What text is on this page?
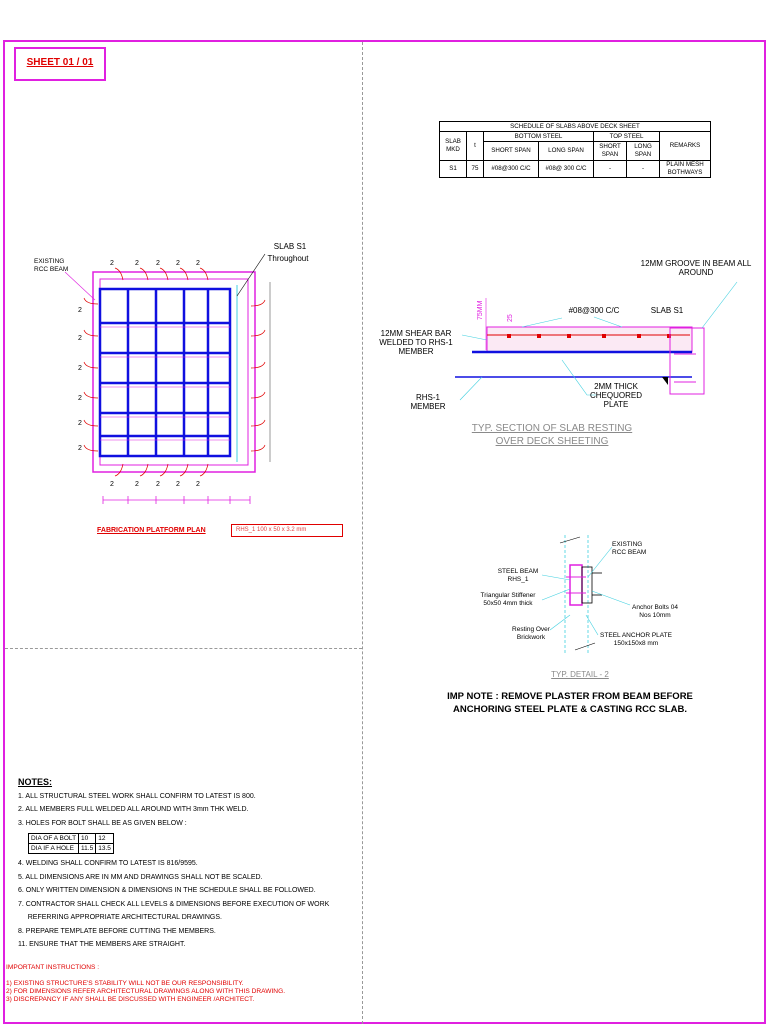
SHEET 01 / 01
SCHEDULE OF SLABS ABOVE DECK SHEET						
SLAB MKD	t	BOTTOM STEEL		TOP STEEL		REMARKS
		SHORT SPAN	LONG SPAN	SHORT SPAN	LONG SPAN	
S1	75	#08@300 C/C	#08@ 300 C/C	-	-	PLAIN MESH BOTHWAYS
2	2 2 2 2
2	2 2 2 2
2
2
2
2
2
2
EXISTING RCC BEAM
SLAB S1
Throughout
FABRICATION PLATFORM PLAN	RHS_1 100 x 50 x 3.2 mm
75MM	25
12MM GROOVE IN BEAM ALL AROUND
#08@300 C/C	SLAB S1
12MM SHEAR BAR WELDED TO RHS-1 MEMBER
RHS-1 MEMBER
2MM THICK CHEQUORED PLATE
TYP. SECTION OF SLAB RESTING
OVER DECK SHEETING
EXISTING RCC BEAM
STEEL BEAM RHS_1
Triangular Stiffener 50x50 4mm thick
Anchor Bolts 04 Nos 10mm
Resting Over Brickwork	STEEL ANCHOR PLATE 150x150x8 mm
TYP. DETAIL - 2
IMP NOTE : REMOVE PLASTER FROM BEAM BEFORE ANCHORING STEEL PLATE & CASTING RCC SLAB.
NOTES:
1. ALL STRUCTURAL STEEL WORK SHALL CONFIRM TO LATEST IS 800.
2. ALL MEMBERS FULL WELDED ALL AROUND WITH 3mm THK WELD.
3. HOLES FOR BOLT SHALL BE AS GIVEN BELOW :
DIA OF A BOLT	10	12
DIA IF A HOLE	11.5	13.5
4. WELDING SHALL CONFIRM TO LATEST IS 816/9595.
5. ALL DIMENSIONS ARE IN MM AND DRAWINGS SHALL NOT BE SCALED.
6. ONLY WRITTEN DIMENSION & DIMENSIONS IN THE SCHEDULE SHALL BE FOLLOWED.
7. CONTRACTOR SHALL CHECK ALL LEVELS & DIMENSIONS BEFORE EXECUTION OF WORK
REFERRING APPROPRIATE ARCHITECTURAL DRAWINGS.
8. PREPARE TEMPLATE BEFORE CUTTING THE MEMBERS.
11. ENSURE THAT THE MEMBERS ARE STRAIGHT.
IMPORTANT INSTRUCTIONS :
1) EXISTING STRUCTURE'S STABILITY WILL NOT BE OUR RESPONSIBILITY.
2) FOR DIMENSIONS REFER ARCHITECTURAL DRAWINGS ALONG WITH THIS DRAWING.
3) DISCREPANCY IF ANY SHALL BE DISCUSSED WITH ENGINEER /ARCHITECT.
